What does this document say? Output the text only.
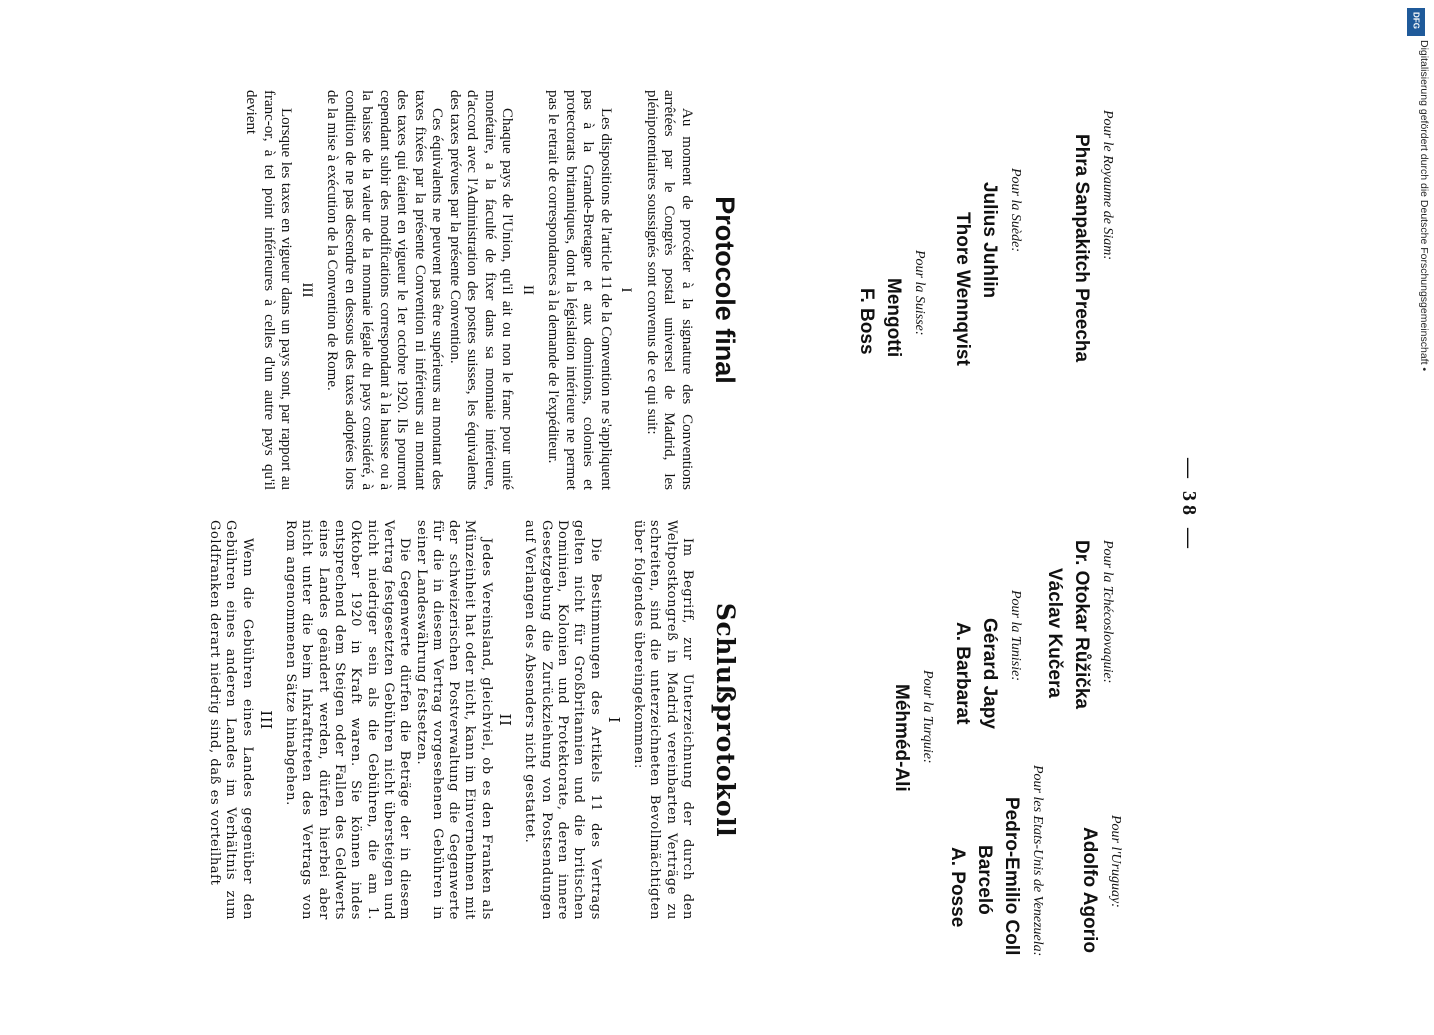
— 38 —
Pour le Royaume de Siam:
Phra Sanpakitch Preecha
Pour la Suède:
Julius Juhlin
Thore Wennqvist
Pour la Suisse:
Mengotti
F. Boss
Protocole final

Au moment de procéder à la signature des Conventions arrêtées par le Congrès postal universel de Madrid, les plénipotentiaires soussignés sont convenus de ce qui suit:

I

Les dispositions de l'article 11 de la Convention ne s'appliquent pas à la Grande-Bretagne et aux dominions, colonies et protectorats britanniques, dont la législation intérieure ne permet pas le retrait de correspondances à la demande de l'expéditeur.

II

Chaque pays de l'Union, qu'il ait ou non le franc pour unité monétaire, a la faculté de fixer dans sa monnaie intérieure, d'accord avec l'Administration des postes suisses, les équivalents des taxes prévues par la présente Convention.

Ces équivalents ne peuvent pas être supérieurs au montant des taxes fixées par la présente Convention ni inférieurs au montant des taxes qui étaient en vigueur le 1er octobre 1920. Ils pourront cependant subir des modifications correspondant à la hausse ou à la baisse de la valeur de la monnaie légale du pays considéré, à condition de ne pas descendre en dessous des taxes adoptées lors de la mise à exécution de la Convention de Rome.

III

Lorsque les taxes en vigueur dans un pays sont, par rapport au franc-or, à tel point inférieures à celles d'un autre pays qu'il devient

Pour la Tchécoslovaquie:
Dr. Otokar Růžička
Václav Kučera
Pour la Tunisie:
Gérard Japy
A. Barbarat
Pour la Turquie:
Méhméd-Ali
Pour l'Uruguay:
Adolfo Agorio
Pour les Etats-Unis de Venezuela:
Pedro-Emilio Coll
Barceló
A. Posse
Schlußprotokoll

Im Begriff, zur Unterzeichnung der durch den Weltpostkongreß in Madrid vereinbarten Verträge zu schreiten, sind die unterzeichneten Bevollmächtigten über folgendes übereingekommen:

I

Die Bestimmungen des Artikels 11 des Vertrags gelten nicht für Großbritannien und die britischen Dominien, Kolonien und Protektorate, deren innere Gesetzgebung die Zurückziehung von Postsendungen auf Verlangen des Absenders nicht gestattet.

II

Jedes Vereinsland, gleichviel, ob es den Franken als Münzeinheit hat oder nicht, kann im Einvernehmen mit der schweizerischen Postverwaltung die Gegenwerte für die in diesem Vertrag vorgesehenen Gebühren in seiner Landeswährung festsetzen.

Die Gegenwerte dürfen die Beträge der in diesem Vertrag festgesetzten Gebühren nicht übersteigen und nicht niedriger sein als die Gebühren, die am 1. Oktober 1920 in Kraft waren. Sie können indes entsprechend dem Steigen oder Fallen des Geldwerts eines Landes geändert werden, dürfen hierbei aber nicht unter die beim Inkrafttreten des Vertrags von Rom angenommenen Sätze hinabgehen.

III

Wenn die Gebühren eines Landes gegenüber den Gebühren eines anderen Landes im Verhältnis zum Goldfranken derart niedrig sind, daß es vorteilhaft

DFG
Digitalisierung gefördert durch die Deutsche Forschungsgemeinschaft •
